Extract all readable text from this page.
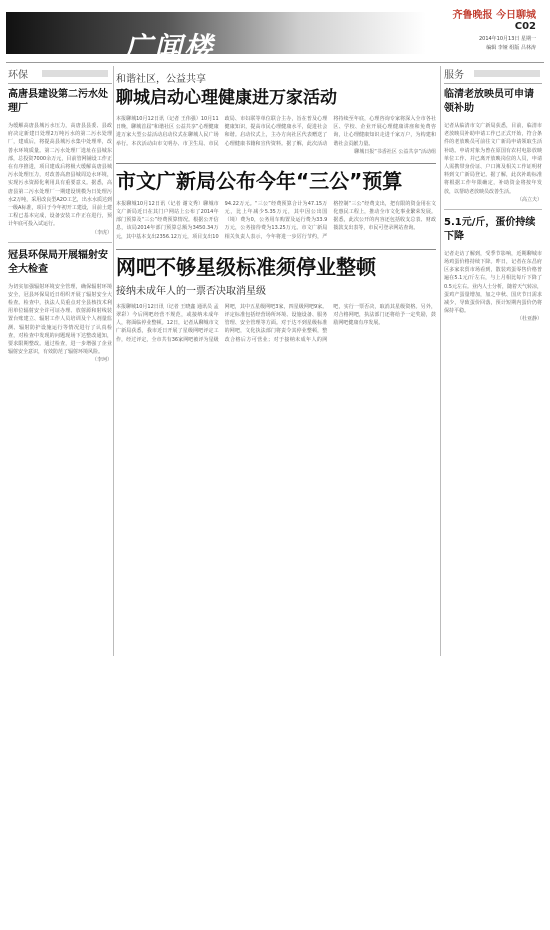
广闻楼
齐鲁晚报 今日聊城
C02
2014年10月13日 星期一
编辑 李娅 组版 吕林涛
环保
高唐县建设第二污水处理厂
为缓解高唐县城污水压力，高唐县县委、县政府决定新建日处理2万吨污水的第二污水处理厂，建成后，将提高县城污水集中处理率，改善水环境质量。第二污水处理厂选址在县城东部，总投资7000余万元，目前管网铺设工作正在有序推进，项目建成后将极大缓解高唐县城污水处理压力，对改善高唐县城周边水环境，实现污水资源化利用具有重要意义。据悉，高唐县第二污水处理厂一期建设规模为日处理污水2万吨，采用改良型A2O工艺，出水水质达到一级A标准，项目于今年初开工建设，目前土建工程已基本完成，设备安装工作正在进行，预计年底可投入试运行。
（李虎）
冠县环保局开展辐射安全大检查
为切实加强辐射环境安全管理，确保辐射环境安全，冠县环保局近日组织开展了辐射安全大检查。检查中，执法人员重点对全县核技术利用单位辐射安全许可证办理、放射源和射线装置台账建立、辐射工作人员培训及个人剂量监测、辐射防护设施运行等情况进行了认真检查，对检查中发现的问题现场下达整改通知，要求限期整改。通过检查，进一步增强了企业辐射安全意识，有效防范了辐射环境风险。
（李珂）
和谐社区，公益共享
聊城启动心理健康进万家活动
本报聊城10月12日讯（记者 王伟强）10月11日晚，聊城首届“和谐社区 公益共享”心理健康进万家大型公益活动启动仪式在聊城人民广场举行。本次活动由市文明办、市卫生局、市民政局、市妇联等单位联合主办，旨在普及心理健康知识，提高市民心理健康水平，促进社会和谐。启动仪式上，主办方向社区代表赠送了心理健康书籍和宣传资料。据了解，此次活动将持续至年底，心理咨询专家将深入全市各社区、学校、企业开展心理健康讲座和免费咨询，让心理健康知识走进千家万户，为构建和谐社会贡献力量。
聊城日报“书香社区 公益共享”活动组
市文广新局公布今年“三公”预算
本报聊城10月12日讯（记者 谢文秀）聊城市文广新局近日在其门户网站上公布了2014年部门预算及“三公”经费预算情况。根据公开信息，该局2014年部门预算总额为3450.34万元，其中基本支出2356.12万元，项目支出1094.22万元。“三公”经费预算合计为47.15万元，比上年减少5.35万元，其中因公出国（境）费为0，公务用车购置及运行费为33.9万元，公务接待费为13.25万元。市文广新局相关负责人表示，今年将进一步厉行节约，严格控制“三公”经费支出，把有限的资金用在文化惠民工程上，推动全市文化事业繁荣发展。据悉，此次公开的内容还包括收支总表、财政拨款支出表等，市民可登录网站查询。
网吧不够星级标准须停业整顿
接纳未成年人的一票否决取消星级
本报聊城10月12日讯（记者 王晓鑫 通讯员 孟翠彩）今后网吧经营不规范，或接纳未成年人，将面临停业整顿。12日，记者从聊城市文广新局获悉，我市近日开展了星级网吧评定工作，经过评定，全市共有36家网吧被评为星级网吧，其中五星级网吧3家，四星级网吧9家。评定标准包括经营场所环境、设施设备、服务管理、安全管理等方面。对于达不到星级标准的网吧，文化执法部门将责令其停业整顿，整改合格后方可营业；对于接纳未成年人的网吧，实行一票否决，取消其星级资格。另外，对合格网吧，执法部门还将给予一定奖励，鼓励网吧健康有序发展。
服务
临清老放映员可申请领补助
记者从临清市文广新局获悉，目前，临清市老放映员补助申请工作已正式开始，符合条件的老放映员可前往文广新局申请领取生活补助。申请对象为曾在原国有农村电影放映单位工作、并已离开放映岗位的人员，申请人需携带身份证、户口簿及相关工作证明材料到文广新局登记。据了解，此次补助标准将根据工作年限确定，补助资金将按年发放，以帮助老放映员改善生活。
（高立夫）
5.1元/斤，蛋价持续下降
记者走访了解到，受季节影响，近期聊城市场鸡蛋价格持续下降。昨日，记者在东昌府区多家农贸市场看到，散装鸡蛋零售价格普遍在5.1元/斤左右，与上月相比每斤下降了0.5元左右。业内人士分析，随着天气转凉，蛋鸡产蛋量增加，加之中秋、国庆节日需求减少，导致蛋价回落，预计短期内蛋价仍将保持平稳。
（杜亚静）
